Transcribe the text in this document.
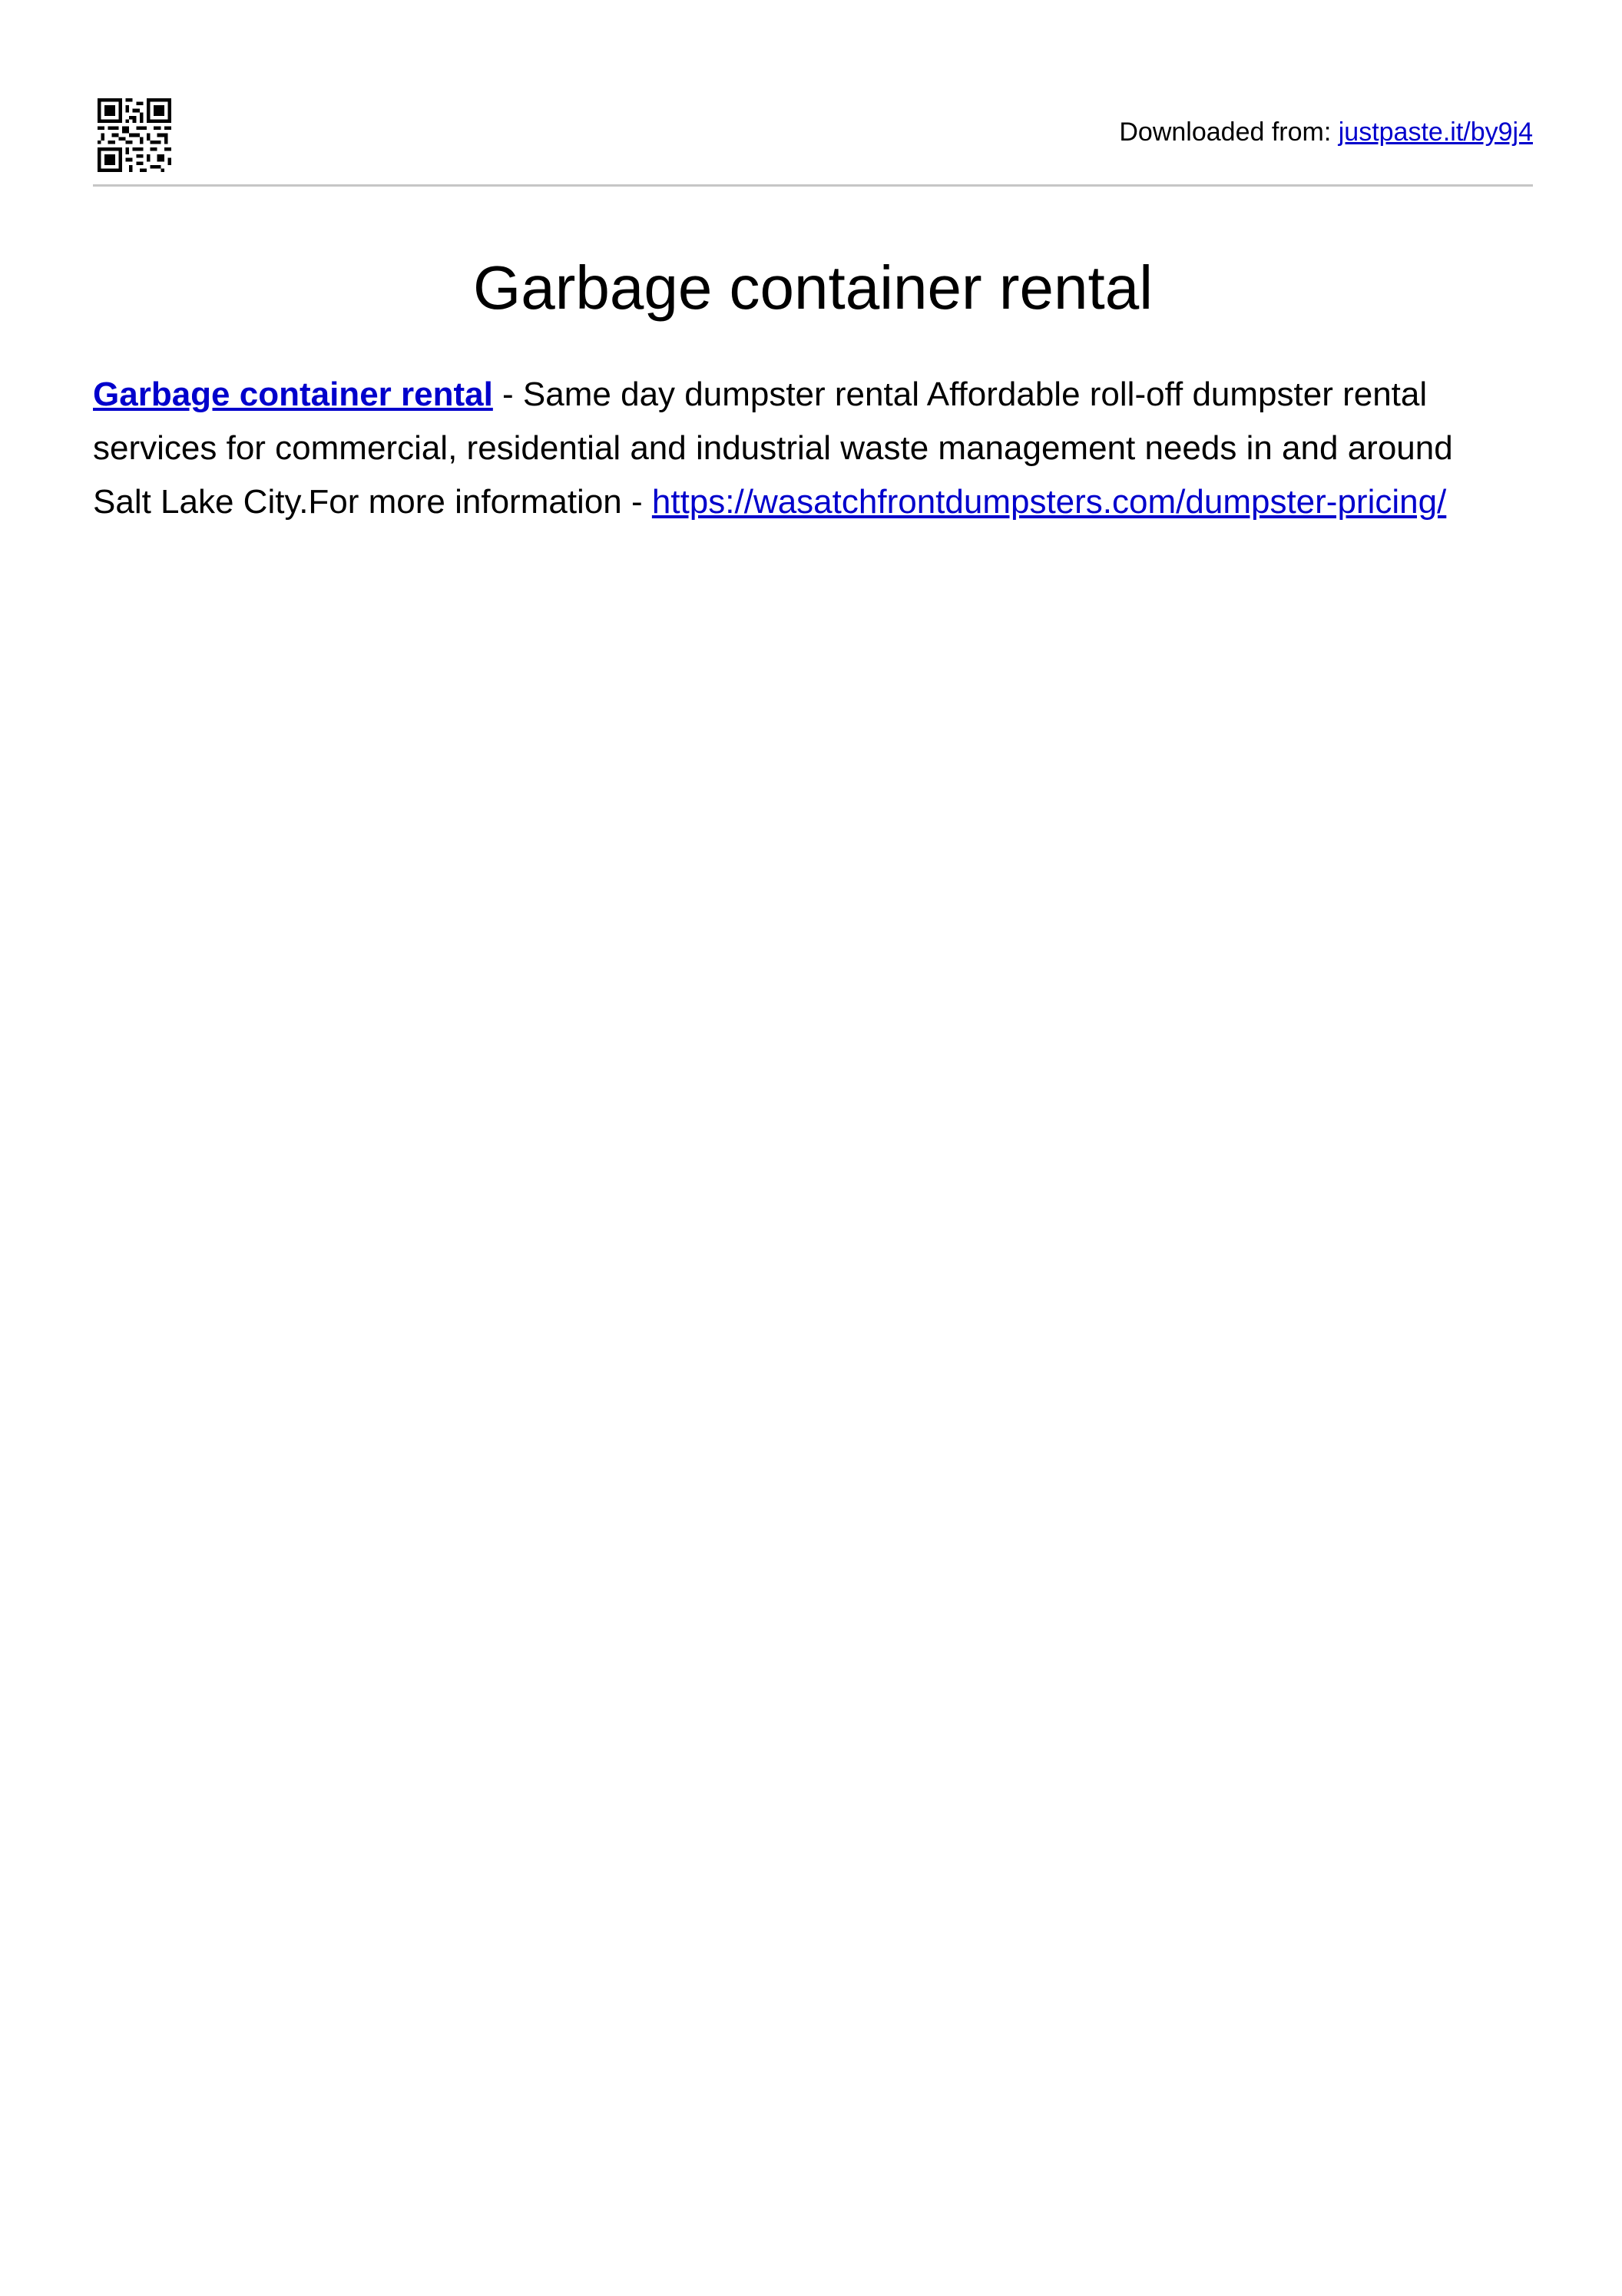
Downloaded from: justpaste.it/by9j4
Garbage container rental

Garbage container rental - Same day dumpster rental Affordable roll-off dumpster rental
services for commercial, residential and industrial waste management needs in and around
Salt Lake City.For more information - https://wasatchfrontdumpsters.com/dumpster-pricing/
